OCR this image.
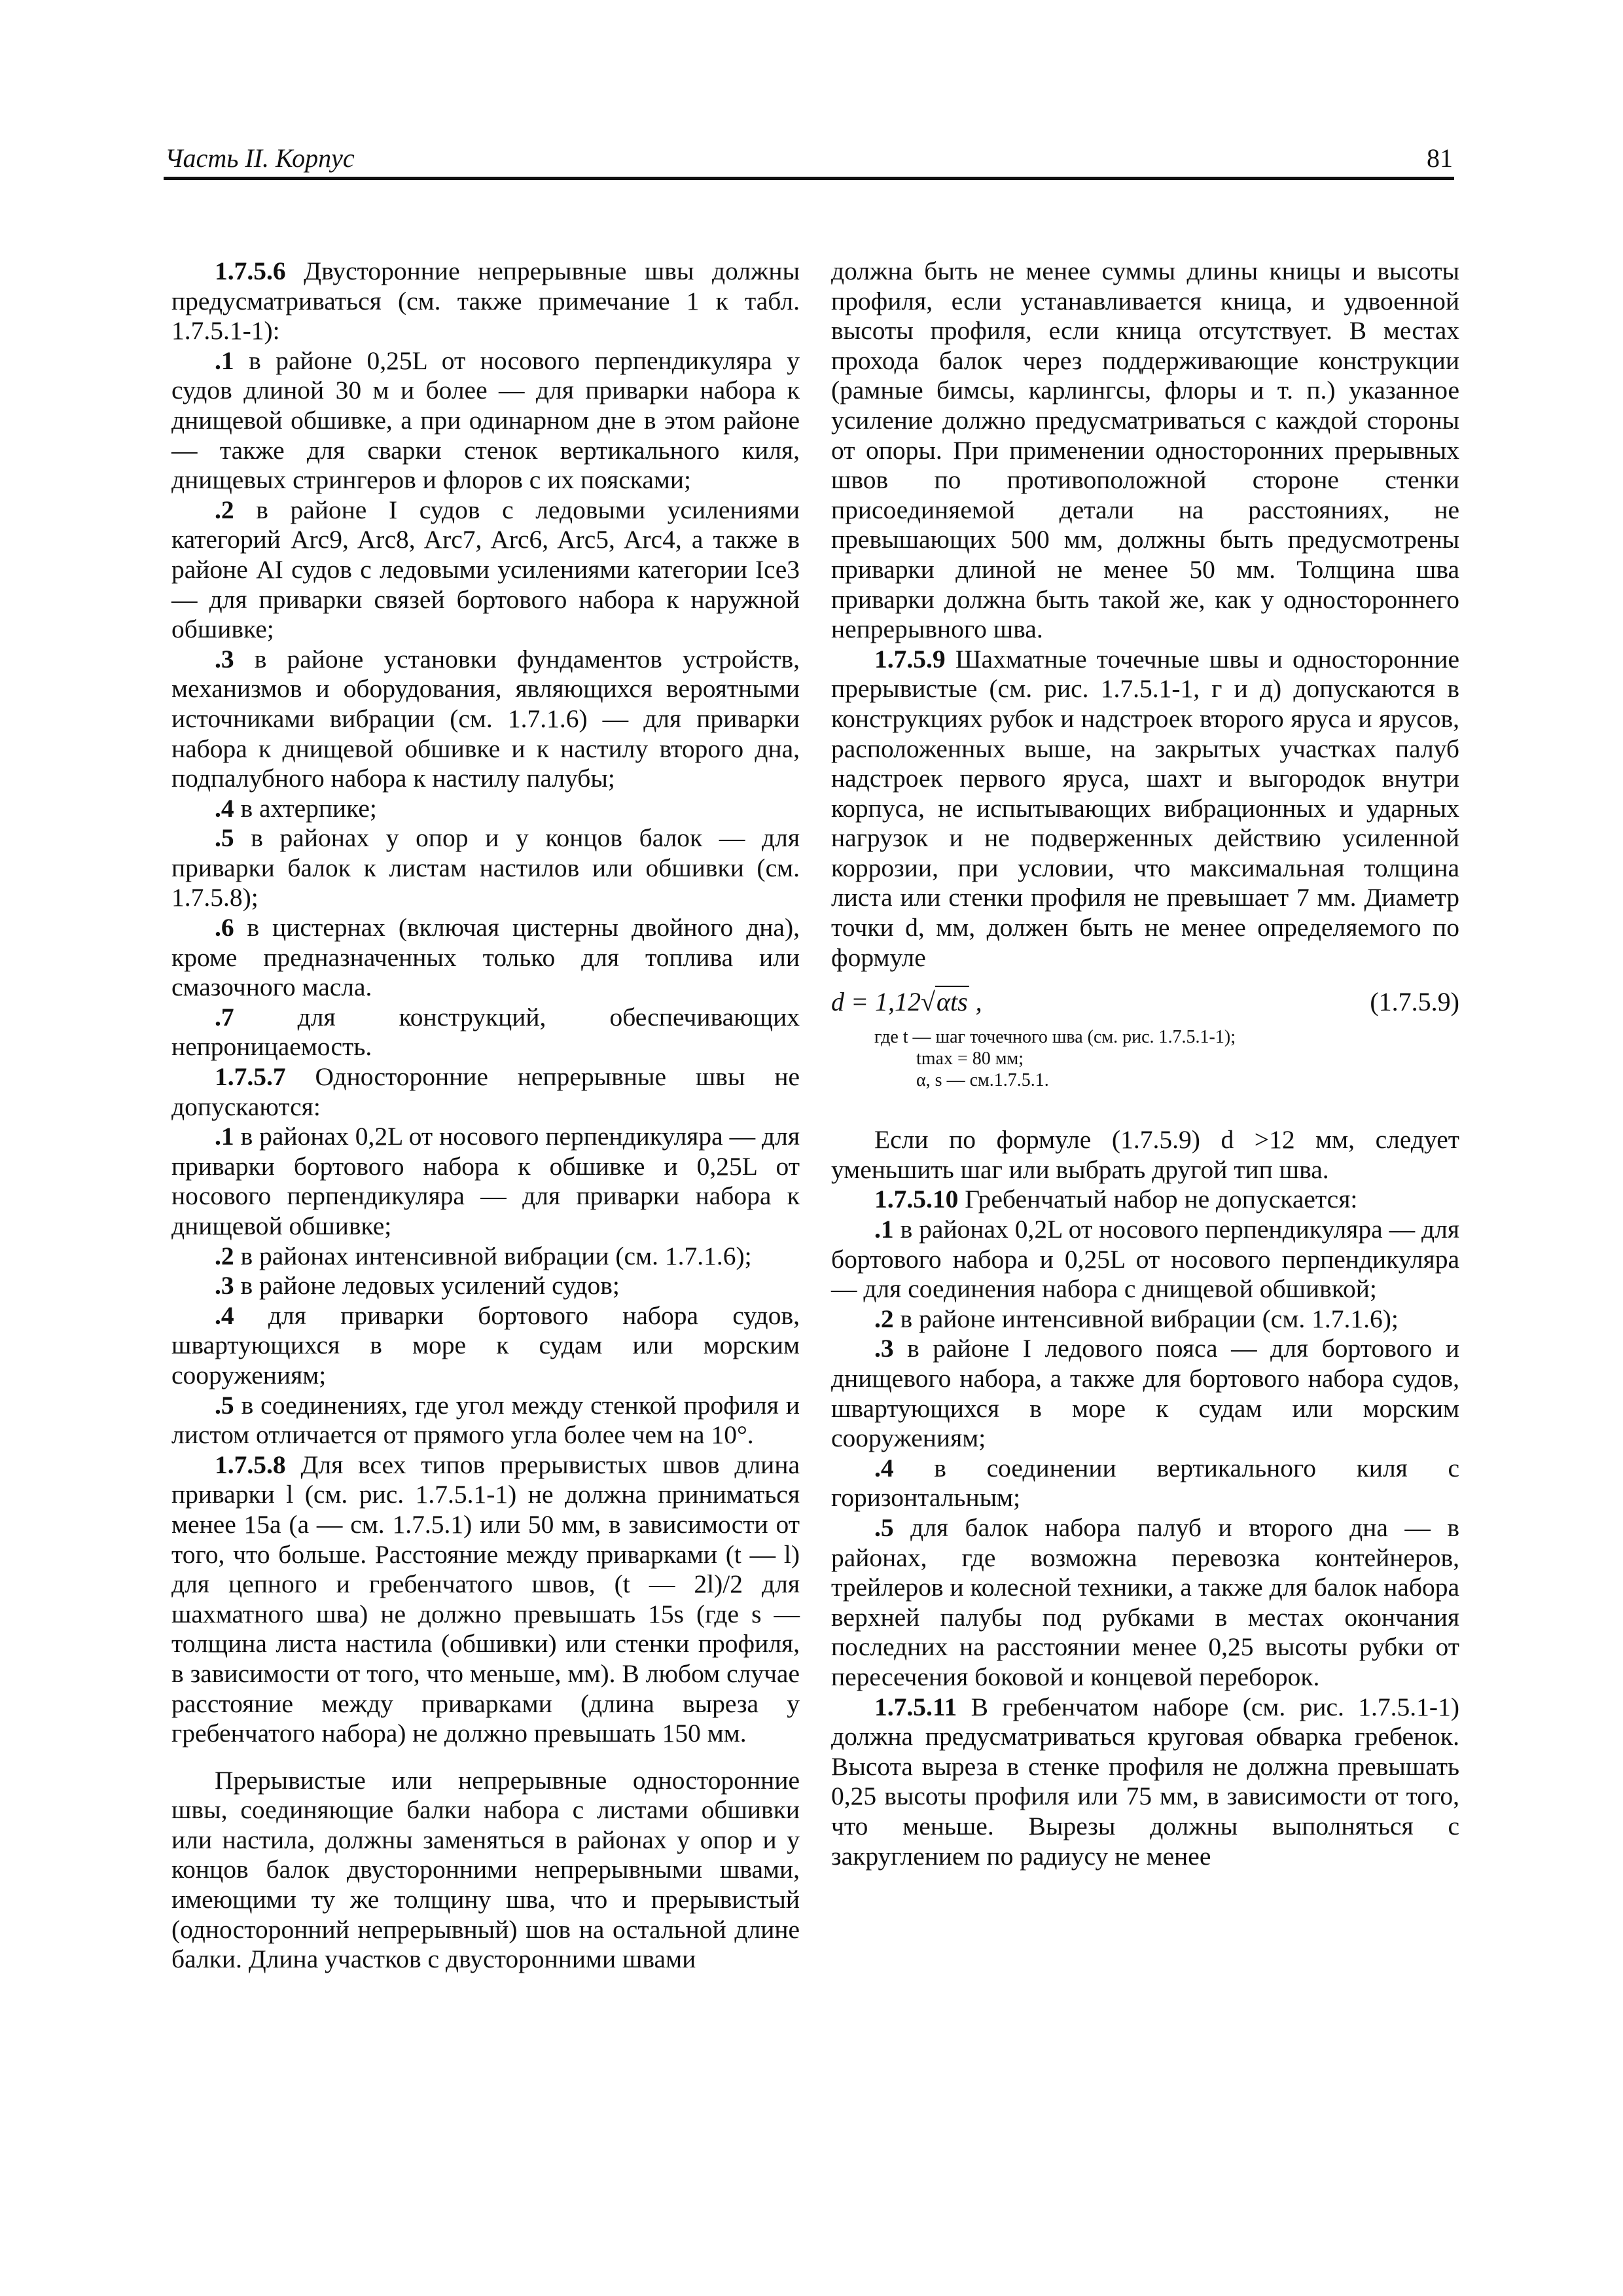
Часть II. Корпус	81

1.7.5.6 Двусторонние непрерывные швы должны предусматриваться (см. также примечание 1 к табл. 1.7.5.1-1):

.1 в районе 0,25L от носового перпендикуляра у судов длиной 30 м и более — для приварки набора к днищевой обшивке, а при одинарном дне в этом районе — также для сварки стенок вертикального киля, днищевых стрингеров и флоров с их поясками;

.2 в районе I судов с ледовыми усилениями категорий Arc9, Arc8, Arc7, Arc6, Arc5, Arc4, а также в районе AI судов с ледовыми усилениями категории Ice3 — для приварки связей бортового набора к наружной обшивке;

.3 в районе установки фундаментов устройств, механизмов и оборудования, являющихся вероятными источниками вибрации (см. 1.7.1.6) — для приварки набора к днищевой обшивке и к настилу второго дна, подпалубного набора к настилу палубы;

.4 в ахтерпике;

.5 в районах у опор и у концов балок — для приварки балок к листам настилов или обшивки (см. 1.7.5.8);

.6 в цистернах (включая цистерны двойного дна), кроме предназначенных только для топлива или смазочного масла.

.7 для конструкций, обеспечивающих непроницаемость.

1.7.5.7 Односторонние непрерывные швы не допускаются:

.1 в районах 0,2L от носового перпендикуляра — для приварки бортового набора к обшивке и 0,25L от носового перпендикуляра — для приварки набора к днищевой обшивке;

.2 в районах интенсивной вибрации (см. 1.7.1.6);

.3 в районе ледовых усилений судов;

.4 для приварки бортового набора судов, швартующихся в море к судам или морским сооружениям;

.5 в соединениях, где угол между стенкой профиля и листом отличается от прямого угла более чем на 10°.

1.7.5.8 Для всех типов прерывистых швов длина приварки l (см. рис. 1.7.5.1-1) не должна приниматься менее 15a (a — см. 1.7.5.1) или 50 мм, в зависимости от того, что больше. Расстояние между приварками (t — l) для цепного и гребенчатого швов, (t — 2l)/2 для шахматного шва) не должно превышать 15s (где s — толщина листа настила (обшивки) или стенки профиля, в зависимости от того, что меньше, мм). В любом случае расстояние между приварками (длина выреза у гребенчатого набора) не должно превышать 150 мм.

Прерывистые или непрерывные односторонние швы, соединяющие балки набора с листами обшивки или настила, должны заменяться в районах у опор и у концов балок двусторонними непрерывными швами, имеющими ту же толщину шва, что и прерывистый (односторонний непрерывный) шов на остальной длине балки. Длина участков с двусторонними швами

должна быть не менее суммы длины кницы и высоты профиля, если устанавливается кница, и удвоенной высоты профиля, если кница отсутствует. В местах прохода балок через поддерживающие конструкции (рамные бимсы, карлингсы, флоры и т. п.) указанное усиление должно предусматриваться с каждой стороны от опоры. При применении односторонних прерывных швов по противоположной стороне стенки присоединяемой детали на расстояниях, не превышающих 500 мм, должны быть предусмотрены приварки длиной не менее 50 мм. Толщина шва приварки должна быть такой же, как у одностороннего непрерывного шва.

1.7.5.9 Шахматные точечные швы и односторонние прерывистые (см. рис. 1.7.5.1-1, г и д) допускаются в конструкциях рубок и надстроек второго яруса и ярусов, расположенных выше, на закрытых участках палуб надстроек первого яруса, шахт и выгородок внутри корпуса, не испытывающих вибрационных и ударных нагрузок и не подверженных действию усиленной коррозии, при условии, что максимальная толщина листа или стенки профиля не превышает 7 мм. Диаметр точки d, мм, должен быть не менее определяемого по формуле

d = 1,12√αts ,	(1.7.5.9)

где t — шаг точечного шва (см. рис. 1.7.5.1-1);

tmax = 80 мм;

α, s — см.1.7.5.1.

Если по формуле (1.7.5.9) d >12 мм, следует уменьшить шаг или выбрать другой тип шва.

1.7.5.10 Гребенчатый набор не допускается:

.1 в районах 0,2L от носового перпендикуляра — для бортового набора и 0,25L от носового перпендикуляра — для соединения набора с днищевой обшивкой;

.2 в районе интенсивной вибрации (см. 1.7.1.6);

.3 в районе I ледового пояса — для бортового и днищевого набора, а также для бортового набора судов, швартующихся в море к судам или морским сооружениям;

.4 в соединении вертикального киля с горизонтальным;

.5 для балок набора палуб и второго дна — в районах, где возможна перевозка контейнеров, трейлеров и колесной техники, а также для балок набора верхней палубы под рубками в местах окончания последних на расстоянии менее 0,25 высоты рубки от пересечения боковой и концевой переборок.

1.7.5.11 В гребенчатом наборе (см. рис. 1.7.5.1-1) должна предусматриваться круговая обварка гребенок. Высота выреза в стенке профиля не должна превышать 0,25 высоты профиля или 75 мм, в зависимости от того, что меньше. Вырезы должны выполняться с закруглением по радиусу не менее
